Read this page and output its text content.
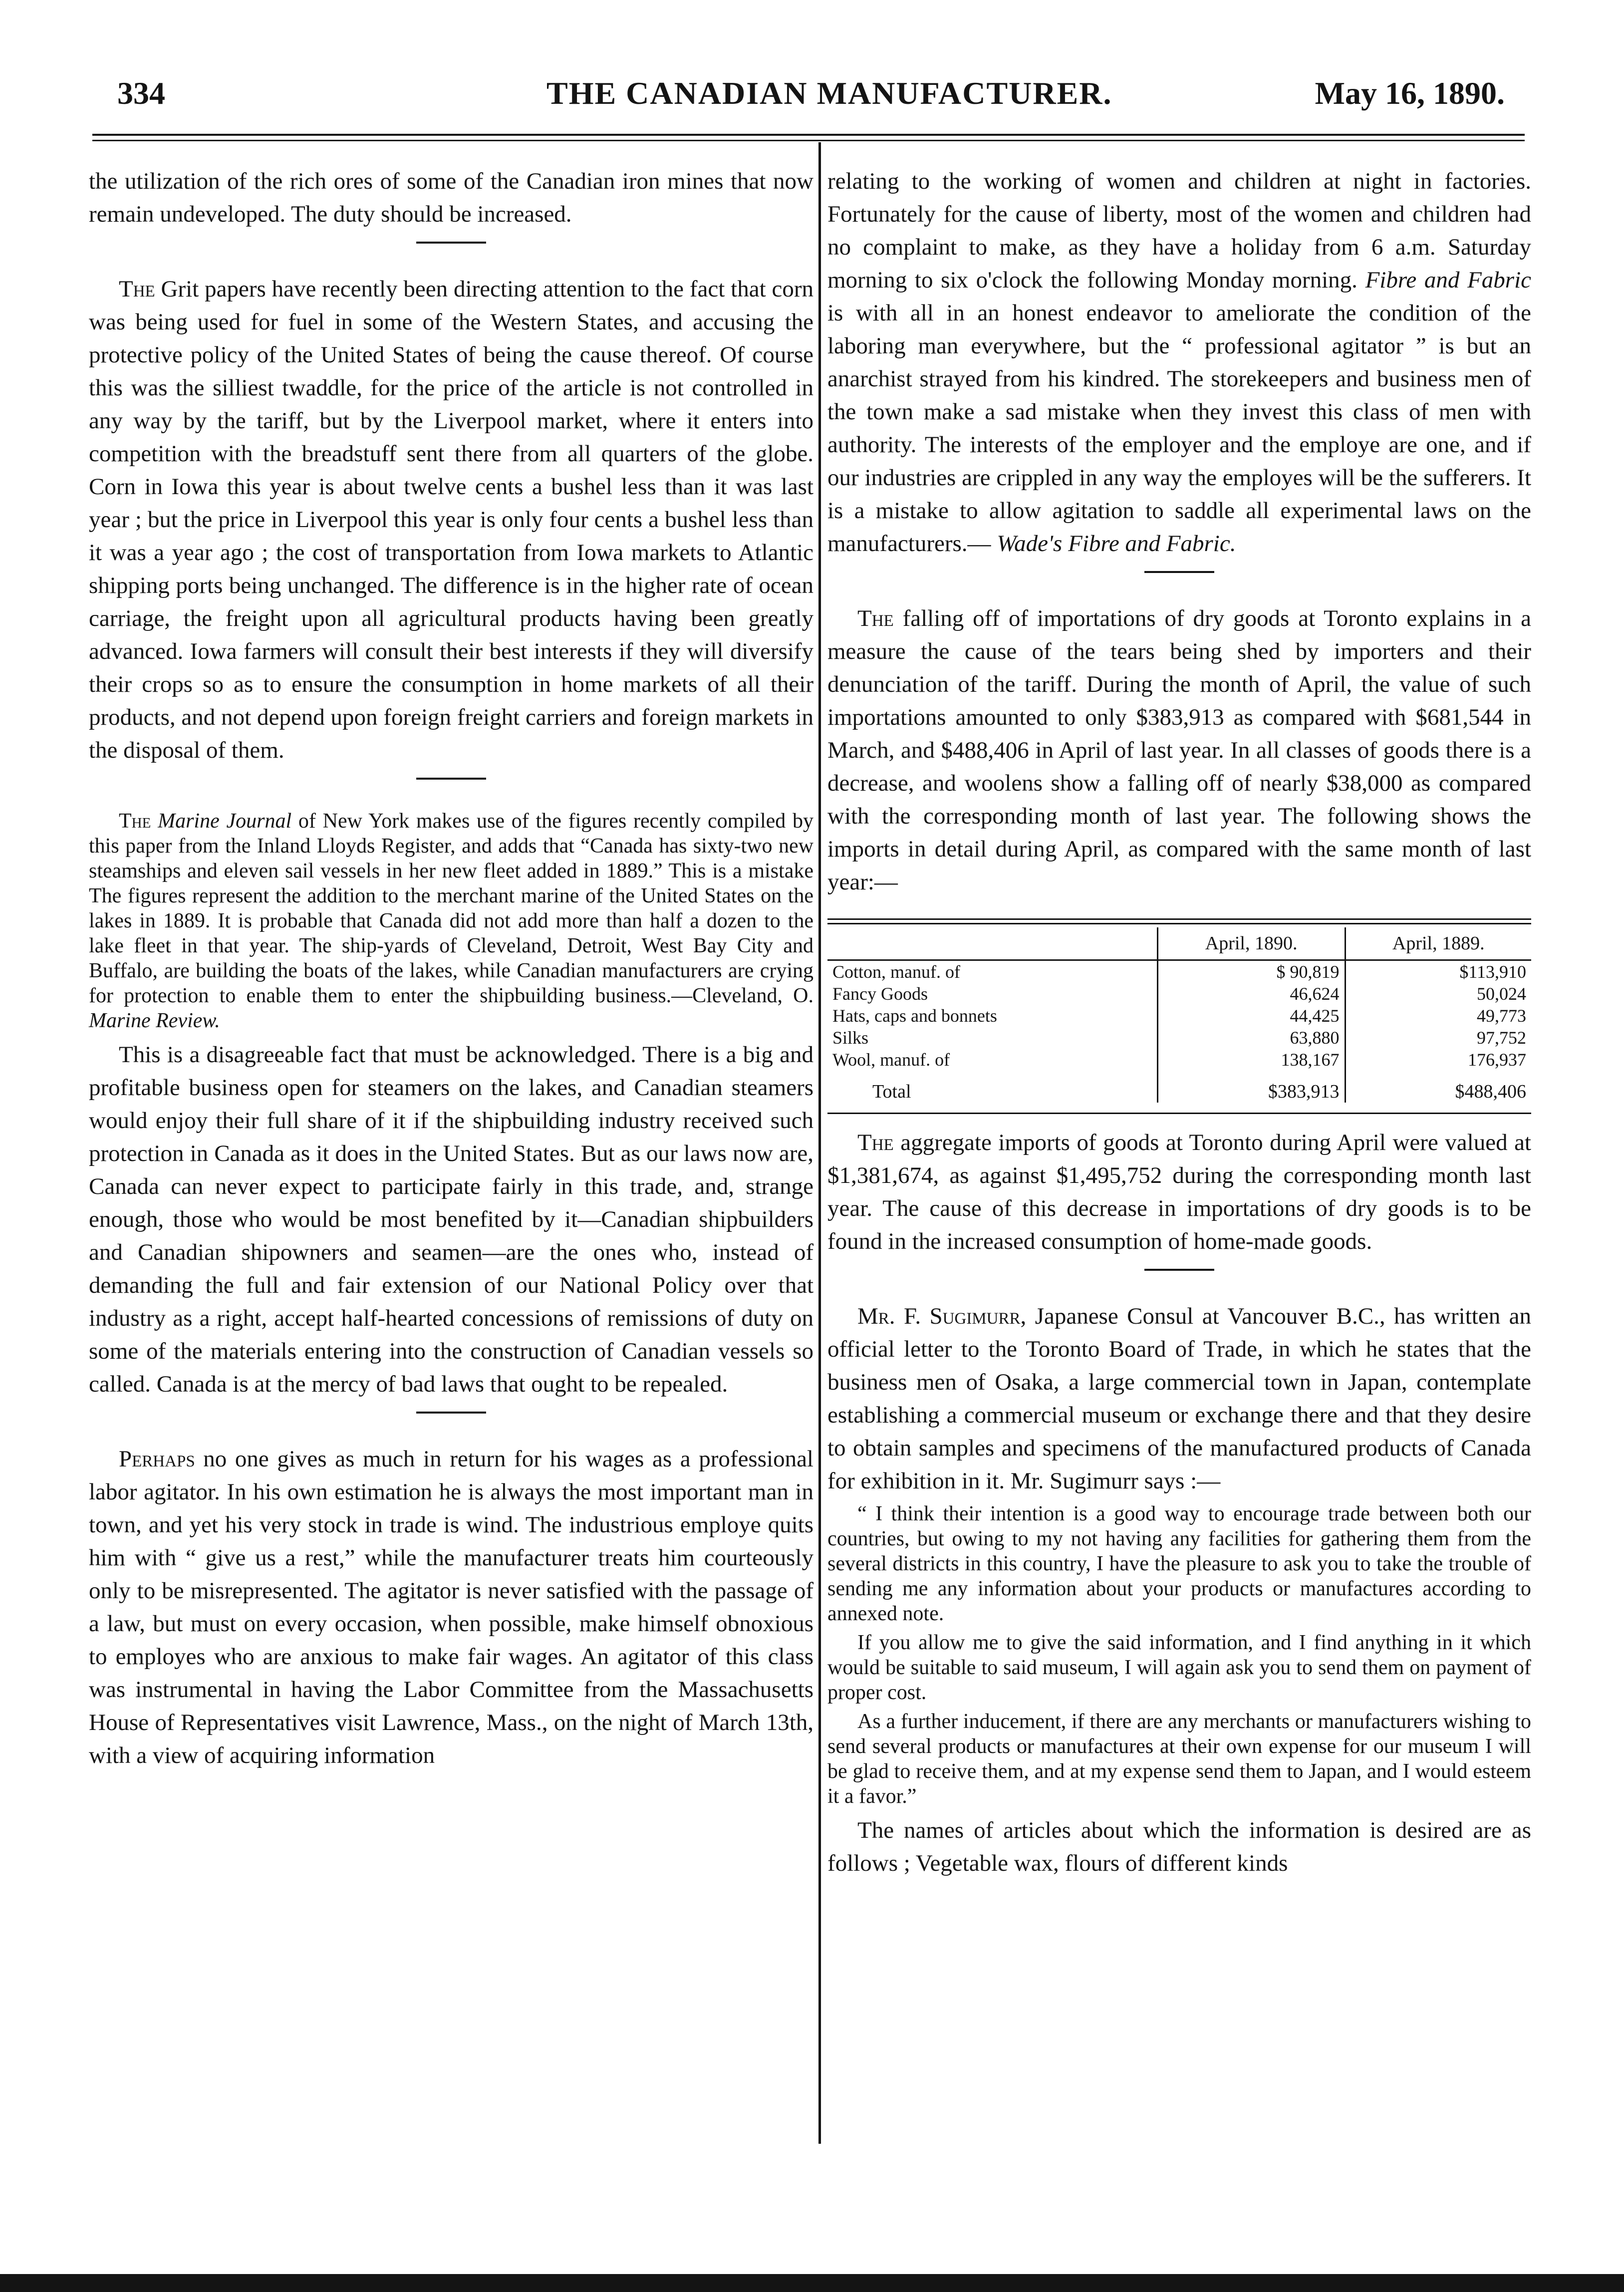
334	THE CANADIAN MANUFACTURER.	May 16, 1890.

the utilization of the rich ores of some of the Canadian iron mines that now remain undeveloped. The duty should be increased.

The Grit papers have recently been directing attention to the fact that corn was being used for fuel in some of the Western States, and accusing the protective policy of the United States of being the cause thereof. Of course this was the silliest twaddle, for the price of the article is not controlled in any way by the tariff, but by the Liverpool market, where it enters into competition with the breadstuff sent there from all quarters of the globe. Corn in Iowa this year is about twelve cents a bushel less than it was last year ; but the price in Liverpool this year is only four cents a bushel less than it was a year ago ; the cost of transportation from Iowa markets to Atlantic shipping ports being unchanged. The difference is in the higher rate of ocean carriage, the freight upon all agricultural products having been greatly advanced. Iowa farmers will consult their best interests if they will diversify their crops so as to ensure the consumption in home markets of all their products, and not depend upon foreign freight carriers and foreign markets in the disposal of them.

The Marine Journal of New York makes use of the figures recently compiled by this paper from the Inland Lloyds Register, and adds that “Canada has sixty-two new steamships and eleven sail vessels in her new fleet added in 1889.” This is a mistake The figures represent the addition to the merchant marine of the United States on the lakes in 1889. It is probable that Canada did not add more than half a dozen to the lake fleet in that year. The ship-yards of Cleveland, Detroit, West Bay City and Buffalo, are building the boats of the lakes, while Canadian manufacturers are crying for protection to enable them to enter the shipbuilding business.—Cleveland, O. Marine Review.

This is a disagreeable fact that must be acknowledged. There is a big and profitable business open for steamers on the lakes, and Canadian steamers would enjoy their full share of it if the shipbuilding industry received such protection in Canada as it does in the United States. But as our laws now are, Canada can never expect to participate fairly in this trade, and, strange enough, those who would be most benefited by it—Canadian shipbuilders and Canadian shipowners and seamen—are the ones who, instead of demanding the full and fair extension of our National Policy over that industry as a right, accept half-hearted concessions of remissions of duty on some of the materials entering into the construction of Canadian vessels so called. Canada is at the mercy of bad laws that ought to be repealed.

Perhaps no one gives as much in return for his wages as a professional labor agitator. In his own estimation he is always the most important man in town, and yet his very stock in trade is wind. The industrious employe quits him with “ give us a rest,” while the manufacturer treats him courteously only to be misrepresented. The agitator is never satisfied with the passage of a law, but must on every occasion, when possible, make himself obnoxious to employes who are anxious to make fair wages. An agitator of this class was instrumental in having the Labor Committee from the Massachusetts House of Representatives visit Lawrence, Mass., on the night of March 13th, with a view of acquiring information

relating to the working of women and children at night in factories. Fortunately for the cause of liberty, most of the women and children had no complaint to make, as they have a holiday from 6 a.m. Saturday morning to six o'clock the following Monday morning. Fibre and Fabric is with all in an honest endeavor to ameliorate the condition of the laboring man everywhere, but the “ professional agitator ” is but an anarchist strayed from his kindred. The storekeepers and business men of the town make a sad mistake when they invest this class of men with authority. The interests of the employer and the employe are one, and if our industries are crippled in any way the employes will be the sufferers. It is a mistake to allow agitation to saddle all experimental laws on the manufacturers.— Wade's Fibre and Fabric.

The falling off of importations of dry goods at Toronto explains in a measure the cause of the tears being shed by importers and their denunciation of the tariff. During the month of April, the value of such importations amounted to only $383,913 as compared with $681,544 in March, and $488,406 in April of last year. In all classes of goods there is a decrease, and woolens show a falling off of nearly $38,000 as compared with the corresponding month of last year. The following shows the imports in detail during April, as compared with the same month of last year:—

	April, 1890.	April, 1889.
Cotton, manuf. of	$ 90,819	$113,910
Fancy Goods	46,624	50,024
Hats, caps and bonnets	44,425	49,773
Silks	63,880	97,752
Wool, manuf. of	138,167	176,937
Total	$383,913	$488,406

The aggregate imports of goods at Toronto during April were valued at $1,381,674, as against $1,495,752 during the corresponding month last year. The cause of this decrease in importations of dry goods is to be found in the increased consumption of home-made goods.

Mr. F. Sugimurr, Japanese Consul at Vancouver B.C., has written an official letter to the Toronto Board of Trade, in which he states that the business men of Osaka, a large commercial town in Japan, contemplate establishing a commercial museum or exchange there and that they desire to obtain samples and specimens of the manufactured products of Canada for exhibition in it. Mr. Sugimurr says :—

“ I think their intention is a good way to encourage trade between both our countries, but owing to my not having any facilities for gathering them from the several districts in this country, I have the pleasure to ask you to take the trouble of sending me any information about your products or manufactures according to annexed note.

If you allow me to give the said information, and I find anything in it which would be suitable to said museum, I will again ask you to send them on payment of proper cost.

As a further inducement, if there are any merchants or manufacturers wishing to send several products or manufactures at their own expense for our museum I will be glad to receive them, and at my expense send them to Japan, and I would esteem it a favor.”

The names of articles about which the information is desired are as follows ; Vegetable wax, flours of different kinds
